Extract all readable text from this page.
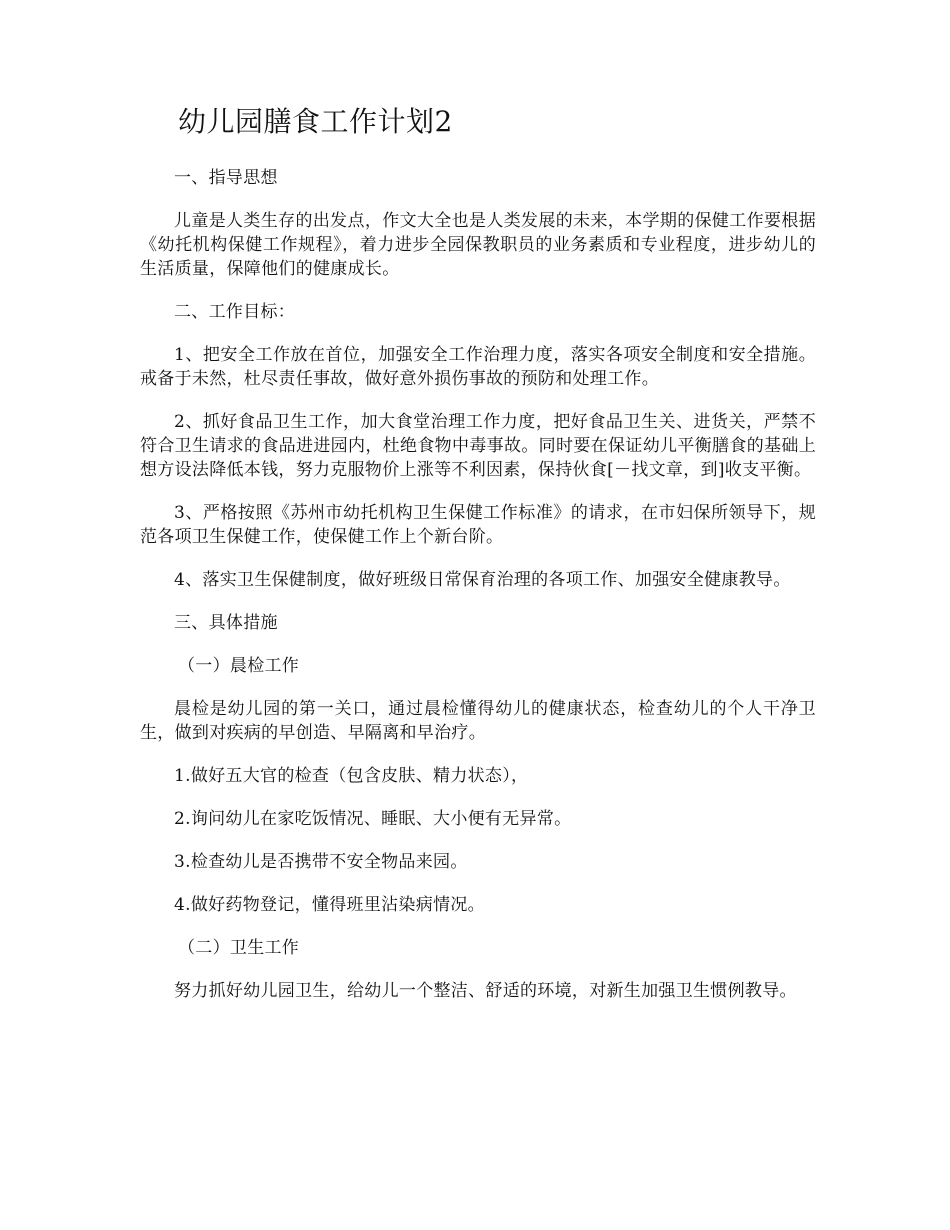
幼儿园膳食工作计划2

一、指导思想

儿童是人类生存的出发点，作文大全也是人类发展的未来，本学期的保健工作要根据《幼托机构保健工作规程》，着力进步全园保教职员的业务素质和专业程度，进步幼儿的生活质量，保障他们的健康成长。

二、工作目标：

1、把安全工作放在首位，加强安全工作治理力度，落实各项安全制度和安全措施。戒备于未然，杜尽责任事故，做好意外损伤事故的预防和处理工作。

2、抓好食品卫生工作，加大食堂治理工作力度，把好食品卫生关、进货关，严禁不符合卫生请求的食品进进园内，杜绝食物中毒事故。同时要在保证幼儿平衡膳食的基础上想方设法降低本钱，努力克服物价上涨等不利因素，保持伙食[－找文章，到]收支平衡。

3、严格按照《苏州市幼托机构卫生保健工作标准》的请求，在市妇保所领导下，规范各项卫生保健工作，使保健工作上个新台阶。

4、落实卫生保健制度，做好班级日常保育治理的各项工作、加强安全健康教导。

三、具体措施

（一）晨检工作

晨检是幼儿园的第一关口，通过晨检懂得幼儿的健康状态，检查幼儿的个人干净卫生，做到对疾病的早创造、早隔离和早治疗。

1.做好五大官的检查（包含皮肤、精力状态），

2.询问幼儿在家吃饭情况、睡眠、大小便有无异常。

3.检查幼儿是否携带不安全物品来园。

4.做好药物登记，懂得班里沾染病情况。

（二）卫生工作

努力抓好幼儿园卫生，给幼儿一个整洁、舒适的环境，对新生加强卫生惯例教导。
